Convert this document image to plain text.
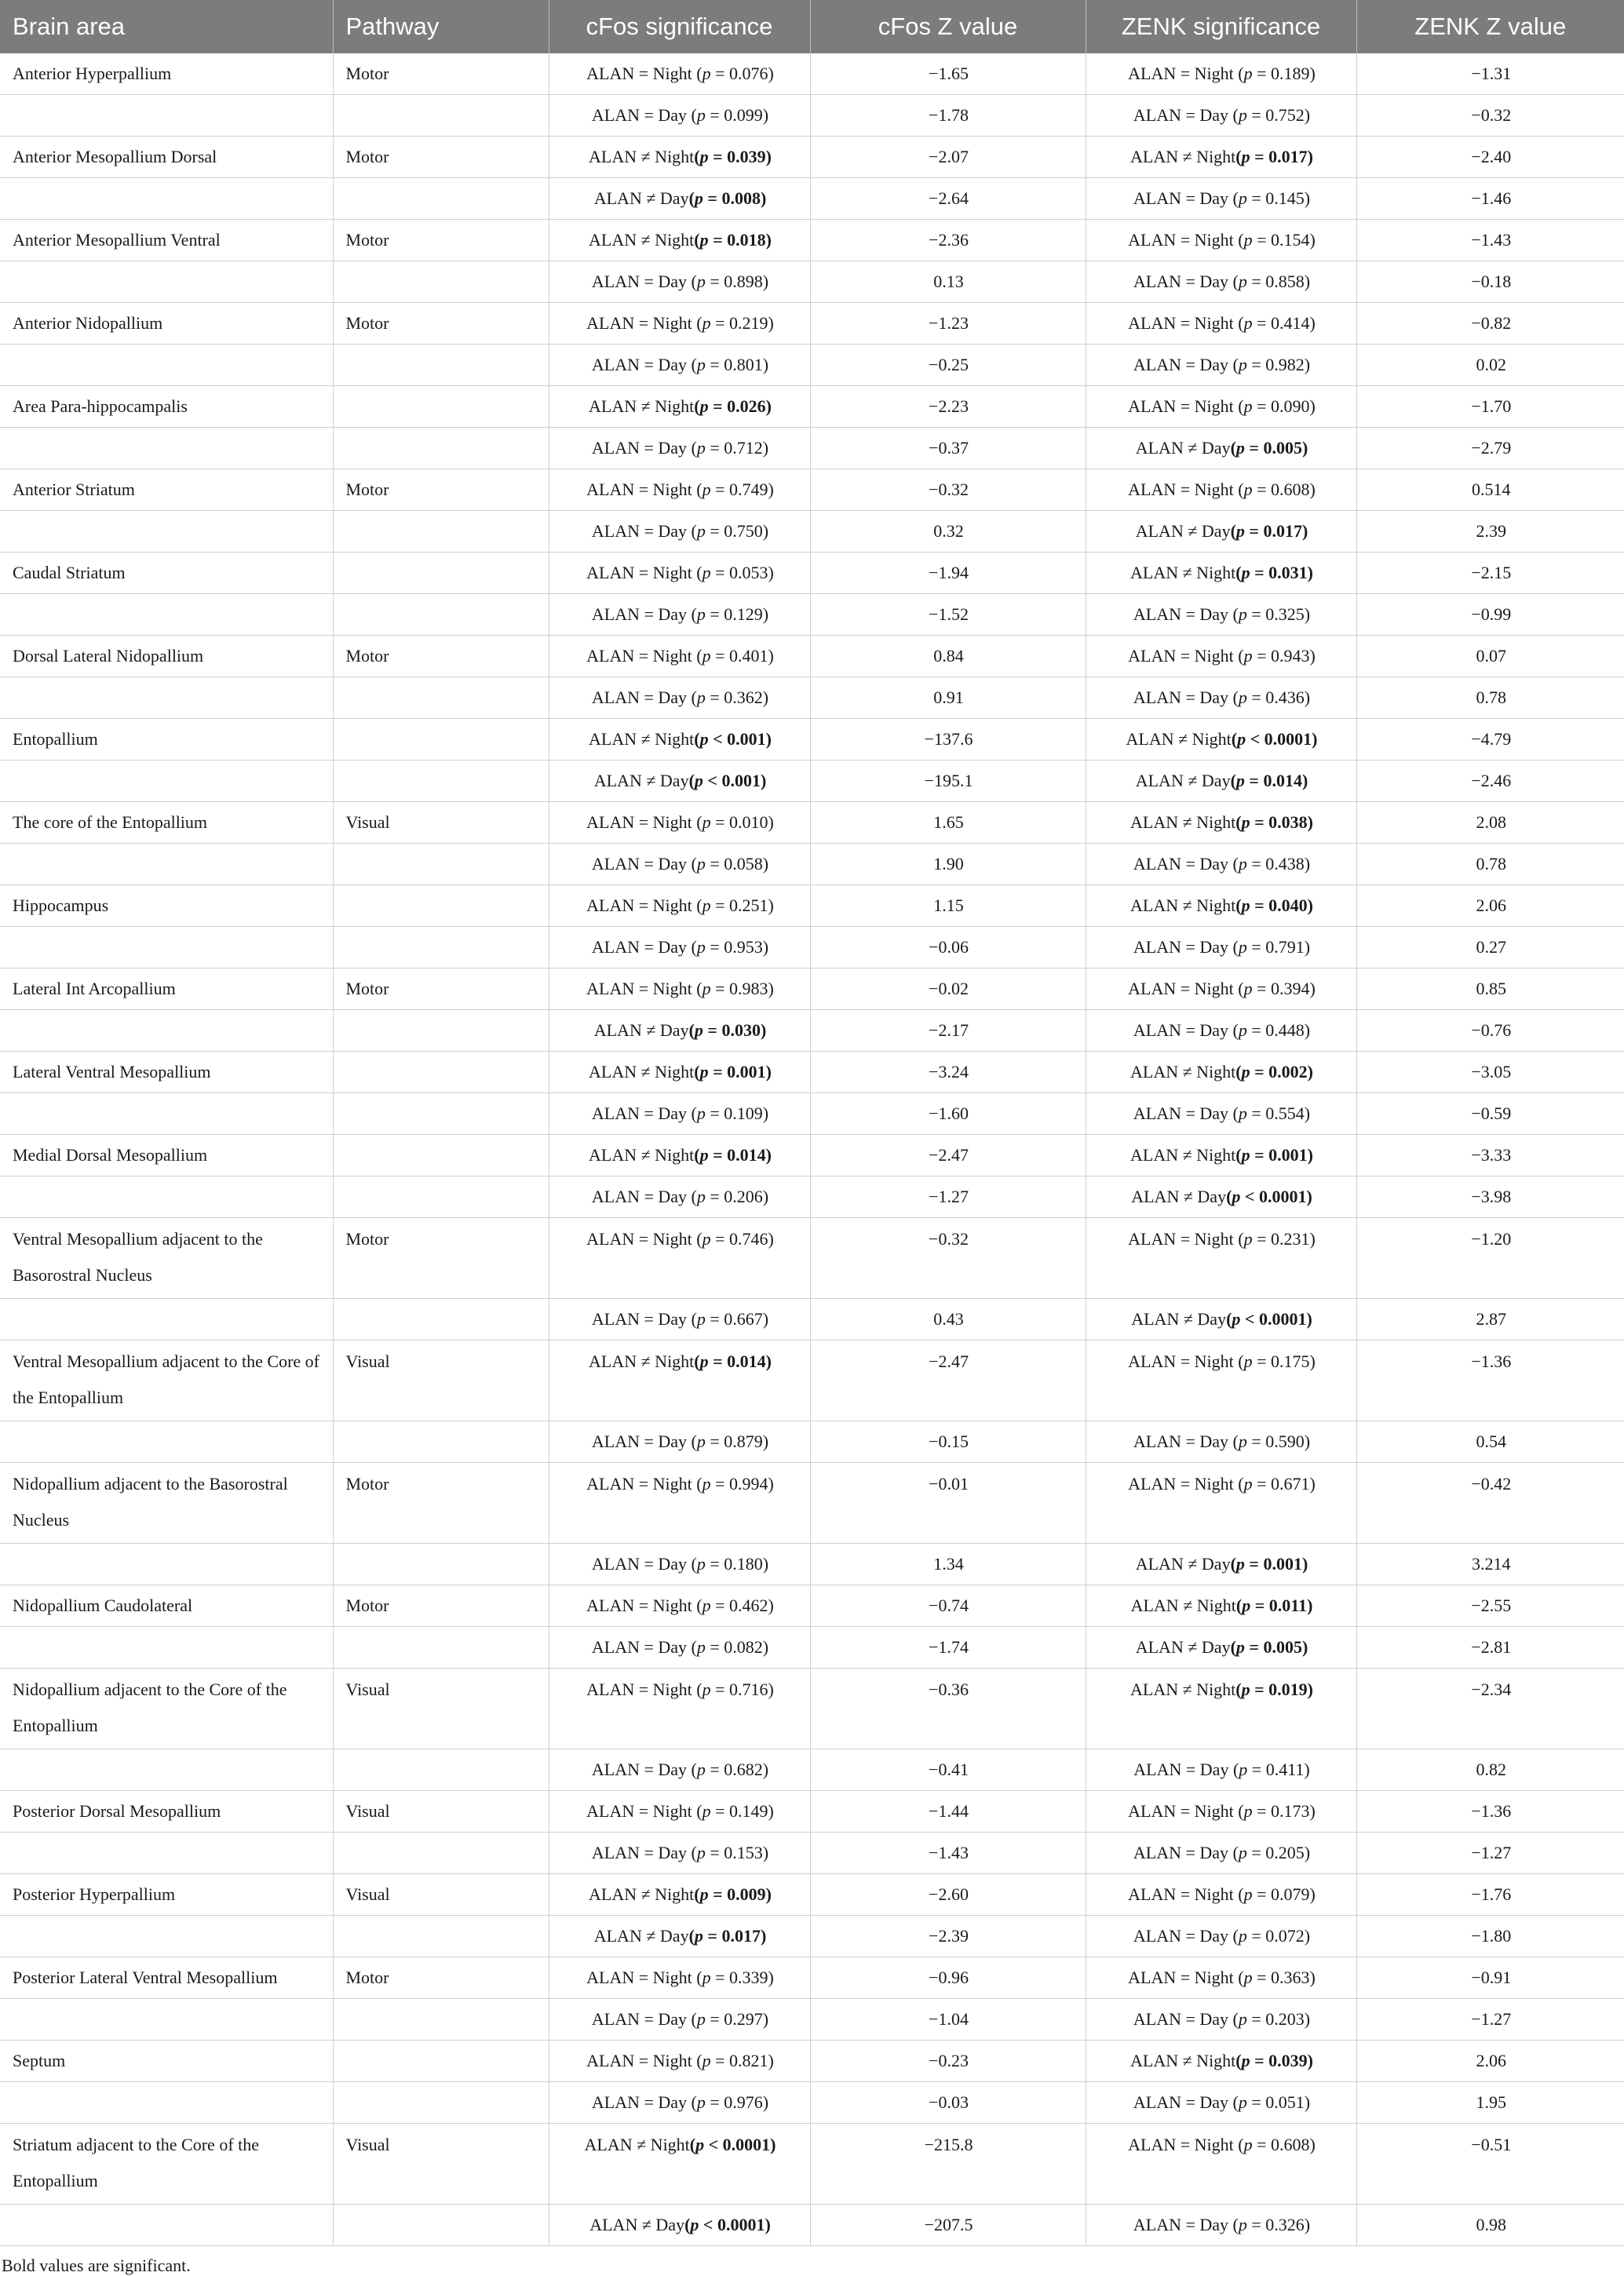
Brain area	Pathway	cFos significance	cFos Z value	ZENK significance	ZENK Z value
Anterior Hyperpallium	Motor	ALAN = Night (p = 0.076)	−1.65	ALAN = Night (p = 0.189)	−1.31
		ALAN = Day (p = 0.099)	−1.78	ALAN = Day (p = 0.752)	−0.32
Anterior Mesopallium Dorsal	Motor	ALAN ≠ Night(p = 0.039)	−2.07	ALAN ≠ Night(p = 0.017)	−2.40
		ALAN ≠ Day(p = 0.008)	−2.64	ALAN = Day (p = 0.145)	−1.46
Anterior Mesopallium Ventral	Motor	ALAN ≠ Night(p = 0.018)	−2.36	ALAN = Night (p = 0.154)	−1.43
		ALAN = Day (p = 0.898)	0.13	ALAN = Day (p = 0.858)	−0.18
Anterior Nidopallium	Motor	ALAN = Night (p = 0.219)	−1.23	ALAN = Night (p = 0.414)	−0.82
		ALAN = Day (p = 0.801)	−0.25	ALAN = Day (p = 0.982)	0.02
Area Para-hippocampalis		ALAN ≠ Night(p = 0.026)	−2.23	ALAN = Night (p = 0.090)	−1.70
		ALAN = Day (p = 0.712)	−0.37	ALAN ≠ Day(p = 0.005)	−2.79
Anterior Striatum	Motor	ALAN = Night (p = 0.749)	−0.32	ALAN = Night (p = 0.608)	0.514
		ALAN = Day (p = 0.750)	0.32	ALAN ≠ Day(p = 0.017)	2.39
Caudal Striatum		ALAN = Night (p = 0.053)	−1.94	ALAN ≠ Night(p = 0.031)	−2.15
		ALAN = Day (p = 0.129)	−1.52	ALAN = Day (p = 0.325)	−0.99
Dorsal Lateral Nidopallium	Motor	ALAN = Night (p = 0.401)	0.84	ALAN = Night (p = 0.943)	0.07
		ALAN = Day (p = 0.362)	0.91	ALAN = Day (p = 0.436)	0.78
Entopallium		ALAN ≠ Night(p < 0.001)	−137.6	ALAN ≠ Night(p < 0.0001)	−4.79
		ALAN ≠ Day(p < 0.001)	−195.1	ALAN ≠ Day(p = 0.014)	−2.46
The core of the Entopallium	Visual	ALAN = Night (p = 0.010)	1.65	ALAN ≠ Night(p = 0.038)	2.08
		ALAN = Day (p = 0.058)	1.90	ALAN = Day (p = 0.438)	0.78
Hippocampus		ALAN = Night (p = 0.251)	1.15	ALAN ≠ Night(p = 0.040)	2.06
		ALAN = Day (p = 0.953)	−0.06	ALAN = Day (p = 0.791)	0.27
Lateral Int Arcopallium	Motor	ALAN = Night (p = 0.983)	−0.02	ALAN = Night (p = 0.394)	0.85
		ALAN ≠ Day(p = 0.030)	−2.17	ALAN = Day (p = 0.448)	−0.76
Lateral Ventral Mesopallium		ALAN ≠ Night(p = 0.001)	−3.24	ALAN ≠ Night(p = 0.002)	−3.05
		ALAN = Day (p = 0.109)	−1.60	ALAN = Day (p = 0.554)	−0.59
Medial Dorsal Mesopallium		ALAN ≠ Night(p = 0.014)	−2.47	ALAN ≠ Night(p = 0.001)	−3.33
		ALAN = Day (p = 0.206)	−1.27	ALAN ≠ Day(p < 0.0001)	−3.98
Ventral Mesopallium adjacent to the Basorostral Nucleus	Motor	ALAN = Night (p = 0.746)	−0.32	ALAN = Night (p = 0.231)	−1.20
		ALAN = Day (p = 0.667)	0.43	ALAN ≠ Day(p < 0.0001)	2.87
Ventral Mesopallium adjacent to the Core of the Entopallium	Visual	ALAN ≠ Night(p = 0.014)	−2.47	ALAN = Night (p = 0.175)	−1.36
		ALAN = Day (p = 0.879)	−0.15	ALAN = Day (p = 0.590)	0.54
Nidopallium adjacent to the Basorostral Nucleus	Motor	ALAN = Night (p = 0.994)	−0.01	ALAN = Night (p = 0.671)	−0.42
		ALAN = Day (p = 0.180)	1.34	ALAN ≠ Day(p = 0.001)	3.214
Nidopallium Caudolateral	Motor	ALAN = Night (p = 0.462)	−0.74	ALAN ≠ Night(p = 0.011)	−2.55
		ALAN = Day (p = 0.082)	−1.74	ALAN ≠ Day(p = 0.005)	−2.81
Nidopallium adjacent to the Core of the Entopallium	Visual	ALAN = Night (p = 0.716)	−0.36	ALAN ≠ Night(p = 0.019)	−2.34
		ALAN = Day (p = 0.682)	−0.41	ALAN = Day (p = 0.411)	0.82
Posterior Dorsal Mesopallium	Visual	ALAN = Night (p = 0.149)	−1.44	ALAN = Night (p = 0.173)	−1.36
		ALAN = Day (p = 0.153)	−1.43	ALAN = Day (p = 0.205)	−1.27
Posterior Hyperpallium	Visual	ALAN ≠ Night(p = 0.009)	−2.60	ALAN = Night (p = 0.079)	−1.76
		ALAN ≠ Day(p = 0.017)	−2.39	ALAN = Day (p = 0.072)	−1.80
Posterior Lateral Ventral Mesopallium	Motor	ALAN = Night (p = 0.339)	−0.96	ALAN = Night (p = 0.363)	−0.91
		ALAN = Day (p = 0.297)	−1.04	ALAN = Day (p = 0.203)	−1.27
Septum		ALAN = Night (p = 0.821)	−0.23	ALAN ≠ Night(p = 0.039)	2.06
		ALAN = Day (p = 0.976)	−0.03	ALAN = Day (p = 0.051)	1.95
Striatum adjacent to the Core of the Entopallium	Visual	ALAN ≠ Night(p < 0.0001)	−215.8	ALAN = Night (p = 0.608)	−0.51
		ALAN ≠ Day(p < 0.0001)	−207.5	ALAN = Day (p = 0.326)	0.98
Bold values are significant.
